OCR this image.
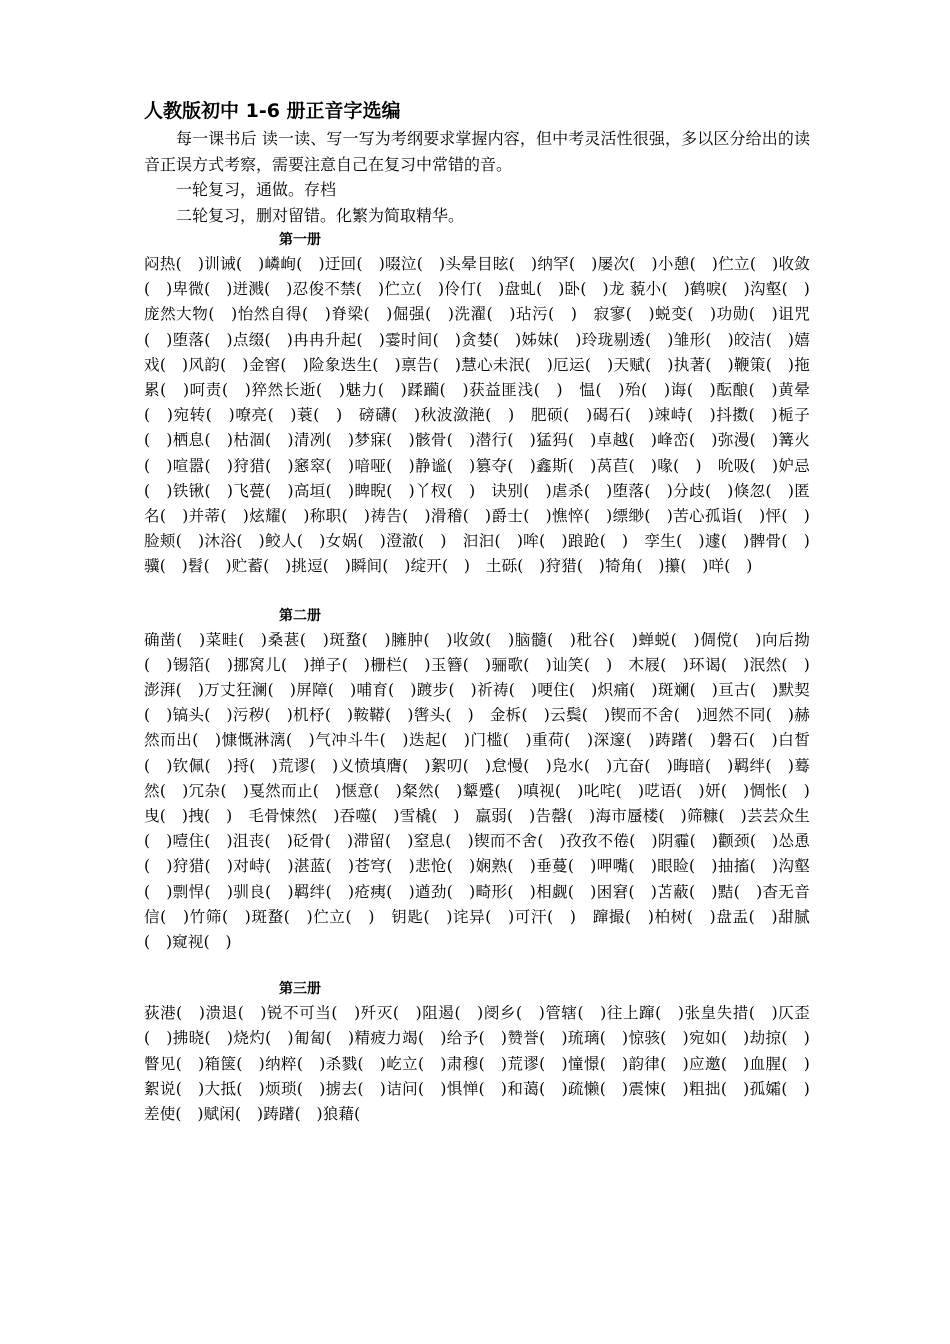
人教版初中 1-6 册正音字选编
每一课书后 读一读、写一写为考纲要求掌握内容，但中考灵活性很强，多以区分给出的读音正误方式考察，需要注意自己在复习中常错的音。
一轮复习，通做。存档
二轮复习，删对留错。化繁为简取精华。
第一册
闷热(　)训诫(　)嶙峋(　)迂回(　)啜泣(　)头晕目眩(　)纳罕(　)屡次(　)小憩(　)伫立(　)收敛(　)卑微(　)迸溅(　)忍俊不禁(　)伫立(　)伶仃(　)盘虬(　)卧(　)龙 藐小(　)鹤唳(　)沟壑(　)庞然大物(　)怡然自得(　)脊梁(　)倔强(　)洗濯(　)玷污(　)　寂寥(　)蜕变(　)功勋(　)诅咒(　)堕落(　)点缀(　)冉冉升起(　)霎时间(　)贪婪(　)姊妹(　)玲珑剔透(　)雏形(　)皎洁(　)嬉戏(　)风韵(　)金窖(　)险象迭生(　)禀告(　)慧心未泯(　)厄运(　)天赋(　)执著(　)鞭策(　)拖累(　)呵责(　)猝然长逝(　)魅力(　)蹂躏(　)获益匪浅(　)　愠(　)殆(　)诲(　)酝酿(　)黄晕(　)宛转(　)嘹亮(　)蓑(　)　磅礴(　)秋波潋滟(　)　肥硕(　)碣石(　)竦峙(　)抖擞(　)栀子(　)栖息(　)枯涸(　)清冽(　)梦寐(　)骸骨(　)潜行(　)猛犸(　)卓越(　)峰峦(　)弥漫(　)篝火(　)喧嚣(　)狩猎(　)窸窣(　)喑哑(　)静谧(　)篡夺(　)鑫斯(　)莴苣(　)喙(　)　吮吸(　)妒忌(　)铁锹(　)飞甍(　)高垣(　)睥睨(　)丫杈(　)　诀别(　)虐杀(　)堕落(　)分歧(　)倏忽(　)匿名(　)并蒂(　)炫耀(　)称职(　)祷告(　)滑稽(　)爵士(　)憔悴(　)缥缈(　)苦心孤诣(　)怦(　)脸颊(　)沐浴(　)鲛人(　)女娲(　)澄澈(　)　汩汩(　)哞(　)踉跄(　)　孪生(　)遽(　)髀骨(　)骥(　)髫(　)贮蓄(　)挑逗(　)瞬间(　)绽开(　)　土砾(　)狩猎(　)犄角(　)攥(　)咩(　)
第二册
确凿(　)菜畦(　)桑葚(　)斑蝥(　)臃肿(　)收敛(　)脑髓(　)秕谷(　)蝉蜕(　)倜傥(　)向后拗(　)锡箔(　)挪窝儿(　)掸子(　)栅栏(　)玉簪(　)骊歌(　)讪笑(　)　木屐(　)环谒(　)泯然(　)澎湃(　)万丈狂澜(　)屏障(　)哺育(　)踱步(　)祈祷(　)哽住(　)炽痛(　)斑斓(　)亘古(　)默契(　)镐头(　)污秽(　)机杼(　)鞍鞯(　)辔头(　)　金柝(　)云鬓(　)锲而不舍(　)迥然不同(　)赫然而出(　)慷慨淋漓(　)气冲斗牛(　)迭起(　)门槛(　)重荷(　)深邃(　)踌躇(　)磐石(　)白皙(　)钦佩(　)捋(　)荒谬(　)义愤填膺(　)絮叨(　)怠慢(　)凫水(　)亢奋(　)晦暗(　)羁绊(　)蓦然(　)冗杂(　)戛然而止(　)惬意(　)粲然(　)颦蹙(　)嗔视(　)叱咤(　)呓语(　)妍(　)惆怅(　)曳(　)拽(　)　毛骨悚然(　)吞噬(　)雪橇(　)　羸弱(　)告罄(　)海市蜃楼(　)筛糠(　)芸芸众生(　)噎住(　)沮丧(　)砭骨(　)滞留(　)窒息(　)锲而不舍(　)孜孜不倦(　)阴霾(　)颧颈(　)怂恿(　)狩猎(　)对峙(　)湛蓝(　)苍穹(　)悲怆(　)娴熟(　)垂蔓(　)呷嘴(　)眼睑(　)抽搐(　)沟壑(　)剽悍(　)驯良(　)羁绊(　)疮痍(　)遒劲(　)畸形(　)相觑(　)困窘(　)苫蔽(　)黠(　)杳无音信(　)竹筛(　)斑蝥(　)伫立(　)　钥匙(　)诧异(　)可汗(　)　蹿撮(　)柏树(　)盘盂(　)甜腻(　)窥视(　)
第三册
荻港(　)溃退(　)锐不可当(　)歼灭(　)阻遏(　)阌乡(　)管辖(　)往上蹿(　)张皇失措(　)仄歪(　)拂晓(　)烧灼(　)匍匐(　)精疲力竭(　)给予(　)赞誉(　)琉璃(　)惊骇(　)宛如(　)劫掠(　)瞥见(　)箱箧(　)纳粹(　)杀戮(　)屹立(　)肃穆(　)荒谬(　)憧憬(　)韵律(　)应邀(　)血腥(　)絮说(　)大抵(　)烦琐(　)掳去(　)诘问(　)惧惮(　)和蔼(　)疏懒(　)震悚(　)粗拙(　)孤孀(　)差使(　)赋闲(　)踌躇(　)狼藉(
